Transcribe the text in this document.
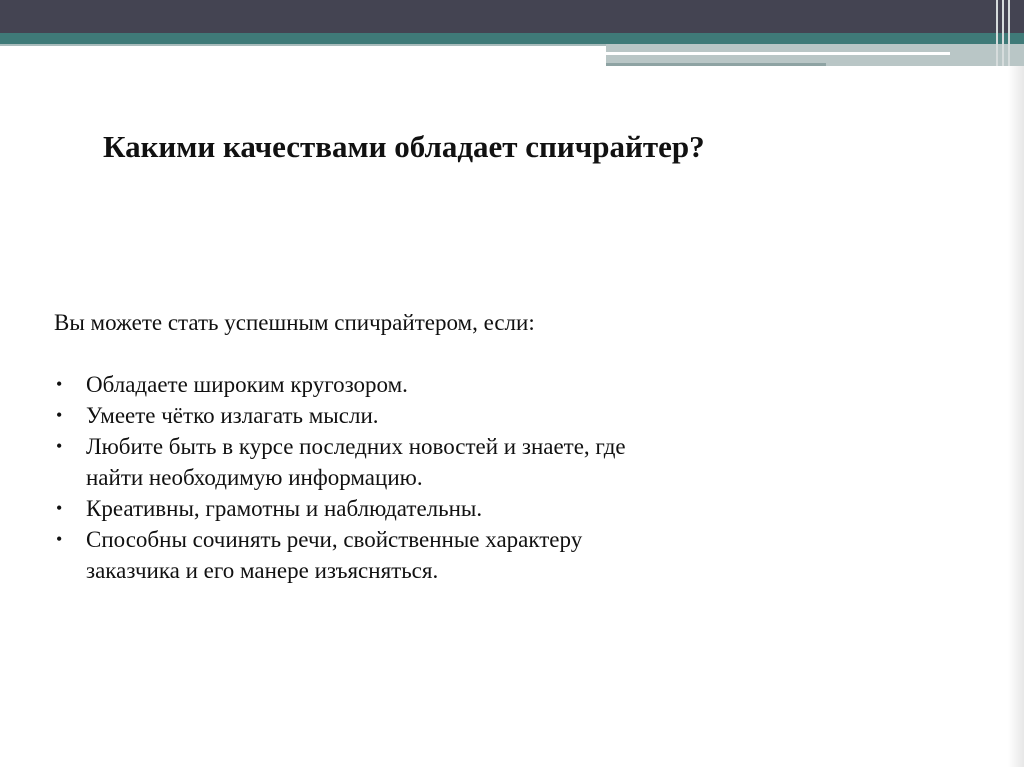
Какими качествами обладает спичрайтер?

Вы можете стать успешным спичрайтером, если:

• Обладаете широким кругозором.
• Умеете чётко излагать мысли.
• Любите быть в курсе последних новостей и знаете, где найти необходимую информацию.
• Креативны, грамотны и наблюдательны.
• Способны сочинять речи, свойственные характеру заказчика и его манере изъясняться.
